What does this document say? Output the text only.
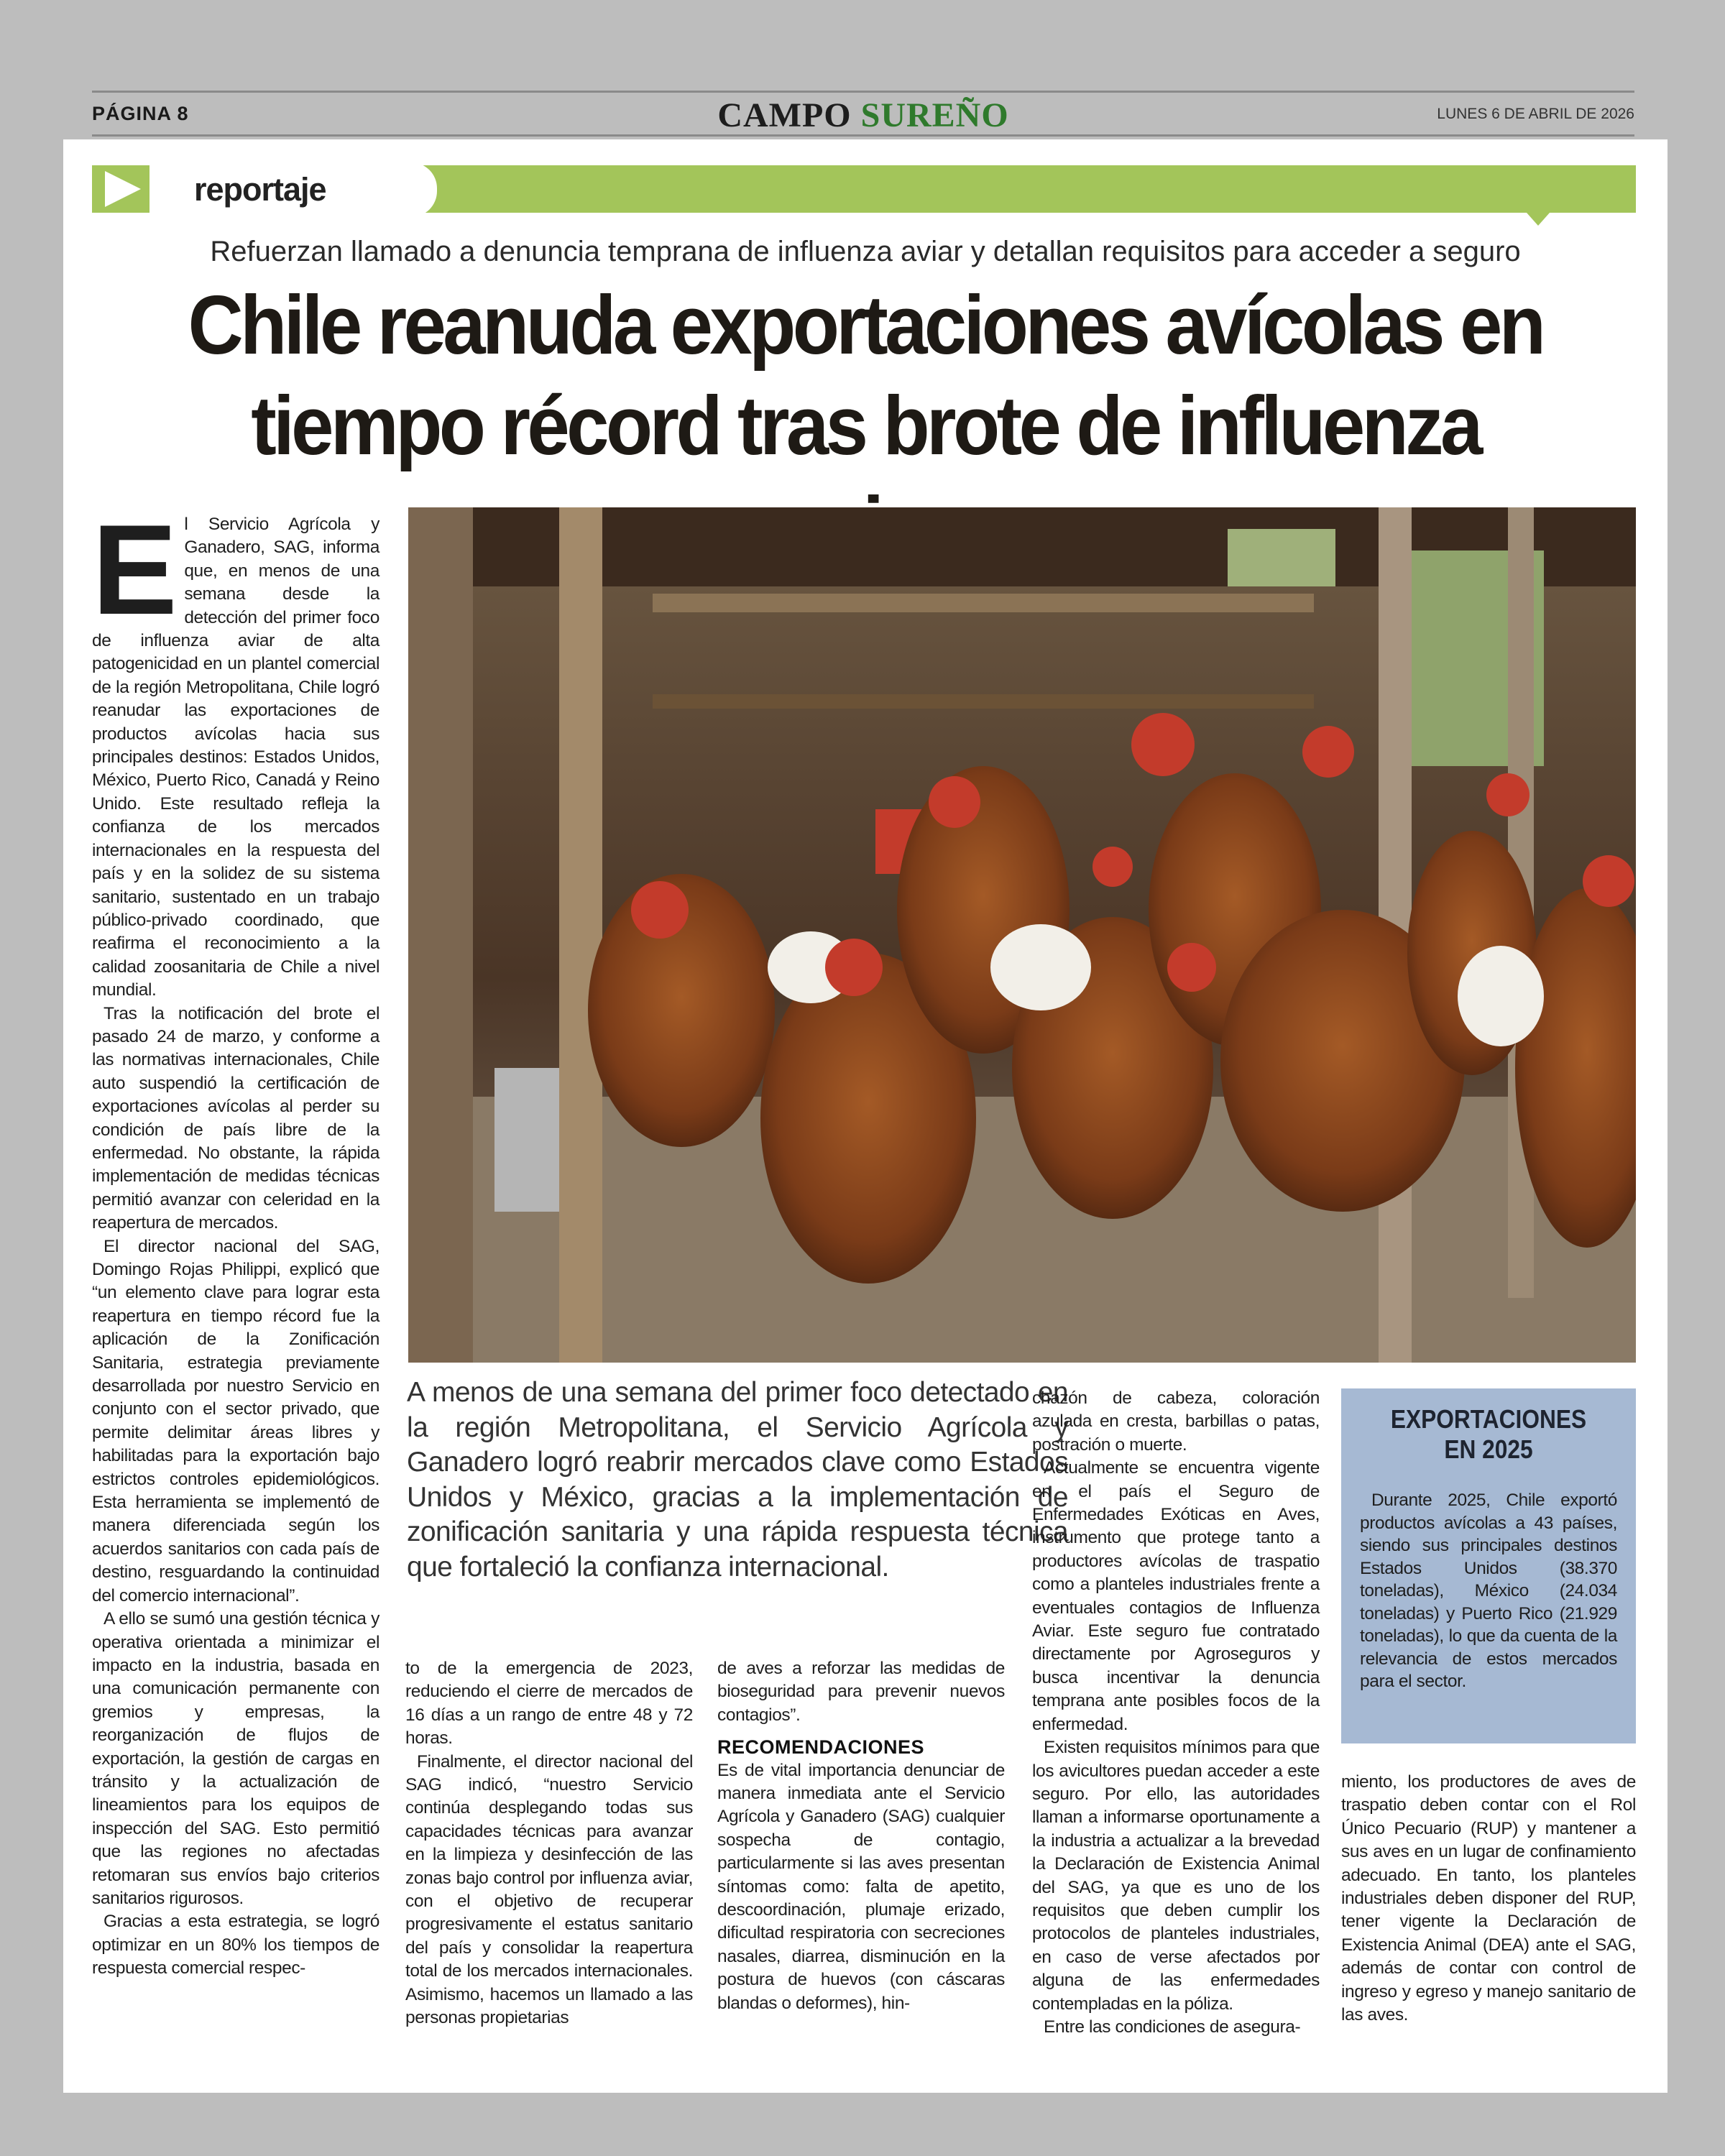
PÁGINA 8	CAMPO SUREÑO	LUNES 6 DE ABRIL DE 2026
reportaje
Refuerzan llamado a denuncia temprana de influenza aviar y detallan requisitos para acceder a seguro
Chile reanuda exportaciones avícolas en tiempo récord tras brote de influenza

El Servicio Agrícola y Ganadero, SAG, informa que, en menos de una semana desde la detección del primer foco de influenza aviar de alta patogenicidad en un plantel comercial de la región Metropolitana, Chile logró reanudar las exportaciones de productos avícolas hacia sus principales destinos: Estados Unidos, México, Puerto Rico, Canadá y Reino Unido. Este resultado refleja la confianza de los mercados internacionales en la respuesta del país y en la solidez de su sistema sanitario, sustentado en un trabajo público-privado coordinado, que reafirma el reconocimiento a la calidad zoosanitaria de Chile a nivel mundial.

Tras la notificación del brote el pasado 24 de marzo, y conforme a las normativas internacionales, Chile auto suspendió la certificación de exportaciones avícolas al perder su condición de país libre de la enfermedad. No obstante, la rápida implementación de medidas técnicas permitió avanzar con celeridad en la reapertura de mercados.

El director nacional del SAG, Domingo Rojas Philippi, explicó que “un elemento clave para lograr esta reapertura en tiempo récord fue la aplicación de la Zonificación Sanitaria, estrategia previamente desarrollada por nuestro Servicio en conjunto con el sector privado, que permite delimitar áreas libres y habilitadas para la exportación bajo estrictos controles epidemiológicos. Esta herramienta se implementó de manera diferenciada según los acuerdos sanitarios con cada país de destino, resguardando la continuidad del comercio internacional”.

A ello se sumó una gestión técnica y operativa orientada a minimizar el impacto en la industria, basada en una comunicación permanente con gremios y empresas, la reorganización de flujos de exportación, la gestión de cargas en tránsito y la actualización de lineamientos para los equipos de inspección del SAG. Esto permitió que las regiones no afectadas retomaran sus envíos bajo criterios sanitarios rigurosos.

Gracias a esta estrategia, se logró optimizar en un 80% los tiempos de respuesta comercial respec-

A menos de una semana del primer foco detectado en la región Metropolitana, el Servicio Agrícola y Ganadero logró reabrir mercados clave como Estados Unidos y México, gracias a la implementación de zonificación sanitaria y una rápida respuesta técnica que fortaleció la confianza internacional.

to de la emergencia de 2023, reduciendo el cierre de mercados de 16 días a un rango de entre 48 y 72 horas.

Finalmente, el director nacional del SAG indicó, “nuestro Servicio continúa desplegando todas sus capacidades técnicas para avanzar en la limpieza y desinfección de las zonas bajo control por influenza aviar, con el objetivo de recuperar progresivamente el estatus sanitario del país y consolidar la reapertura total de los mercados internacionales. Asimismo, hacemos un llamado a las personas propietarias

de aves a reforzar las medidas de bioseguridad para prevenir nuevos contagios”.

RECOMENDACIONES

Es de vital importancia denunciar de manera inmediata ante el Servicio Agrícola y Ganadero (SAG) cualquier sospecha de contagio, particularmente si las aves presentan síntomas como: falta de apetito, descoordinación, plumaje erizado, dificultad respiratoria con secreciones nasales, diarrea, disminución en la postura de huevos (con cáscaras blandas o deformes), hin-

chazón de cabeza, coloración azulada en cresta, barbillas o patas, postración o muerte.

Actualmente se encuentra vigente en el país el Seguro de Enfermedades Exóticas en Aves, instrumento que protege tanto a productores avícolas de traspatio como a planteles industriales frente a eventuales contagios de Influenza Aviar. Este seguro fue contratado directamente por Agroseguros y busca incentivar la denuncia temprana ante posibles focos de la enfermedad.

Existen requisitos mínimos para que los avicultores puedan acceder a este seguro. Por ello, las autoridades llaman a informarse oportunamente a la industria a actualizar a la brevedad la Declaración de Existencia Animal del SAG, ya que es uno de los requisitos que deben cumplir los protocolos de planteles industriales, en caso de verse afectados por alguna de las enfermedades contempladas en la póliza.

Entre las condiciones de asegura-

EXPORTACIONES
EN 2025
Durante 2025, Chile exportó productos avícolas a 43 países, siendo sus principales destinos Estados Unidos (38.370 toneladas), México (24.034 toneladas) y Puerto Rico (21.929 toneladas), lo que da cuenta de la relevancia de estos mercados para el sector.

miento, los productores de aves de traspatio deben contar con el Rol Único Pecuario (RUP) y mantener a sus aves en un lugar de confinamiento adecuado. En tanto, los planteles industriales deben disponer del RUP, tener vigente la Declaración de Existencia Animal (DEA) ante el SAG, además de contar con control de ingreso y egreso y manejo sanitario de las aves.
